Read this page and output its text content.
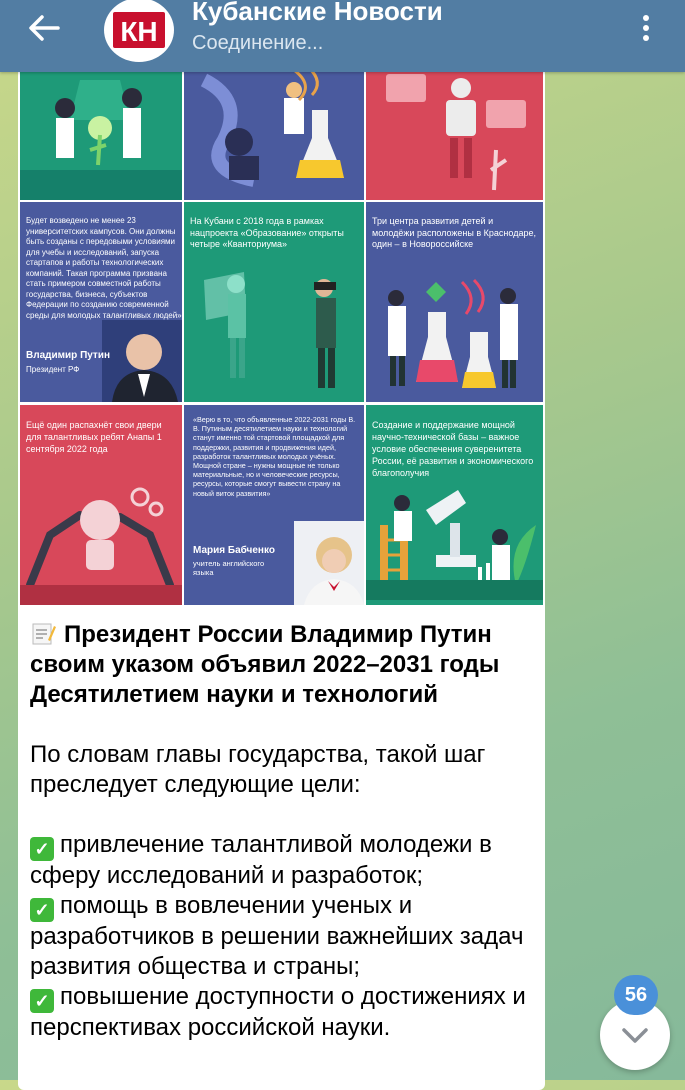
КН
Кубанские Новости
Соединение...
Будет возведено не менее 23 университетских кампусов. Они должны быть созданы с передовыми условиями для учебы и исследований, запуска стартапов и работы технологических компаний. Такая программа призвана стать примером совместной работы государства, бизнеса, субъектов Федерации по созданию современной среды для молодых талантливых людей»
Владимир Путин
Президент РФ
На Кубани с 2018 года в рамках нацпроекта «Образование» открыты четыре «Кванториума»
Три центра развития детей и молодёжи расположены в Краснодаре, один – в Новороссийске
Ещё один распахнёт свои двери для талантливых ребят Анапы 1 сентября 2022 года
«Верю в то, что объявленные 2022-2031 годы В. В. Путиным десятилетием науки и технологий станут именно той стартовой площадкой для поддержки, развития и продвижения идей, разработок талантливых молодых учёных. Мощной стране – нужны мощные не только материальные, но и человеческие ресурсы, ресурсы, которые смогут вывести страну на новый виток развития»
Мария Бабченко
учитель английского языка
Создание и поддержание мощной научно-технической базы – важное условие обеспечения суверенитета России, её развития и экономического благополучия

Президент России Владимир Путин своим указом объявил 2022–2031 годы Десятилетием науки и технологий

По словам главы государства, такой шаг преследует следующие цели:

✓ привлечение талантливой молодежи в сферу исследований и разработок;

✓ помощь в вовлечении ученых и разработчиков в решении важнейших задач развития общества и страны;

✓ повышение доступности о достижениях и перспективах российской науки.

56
